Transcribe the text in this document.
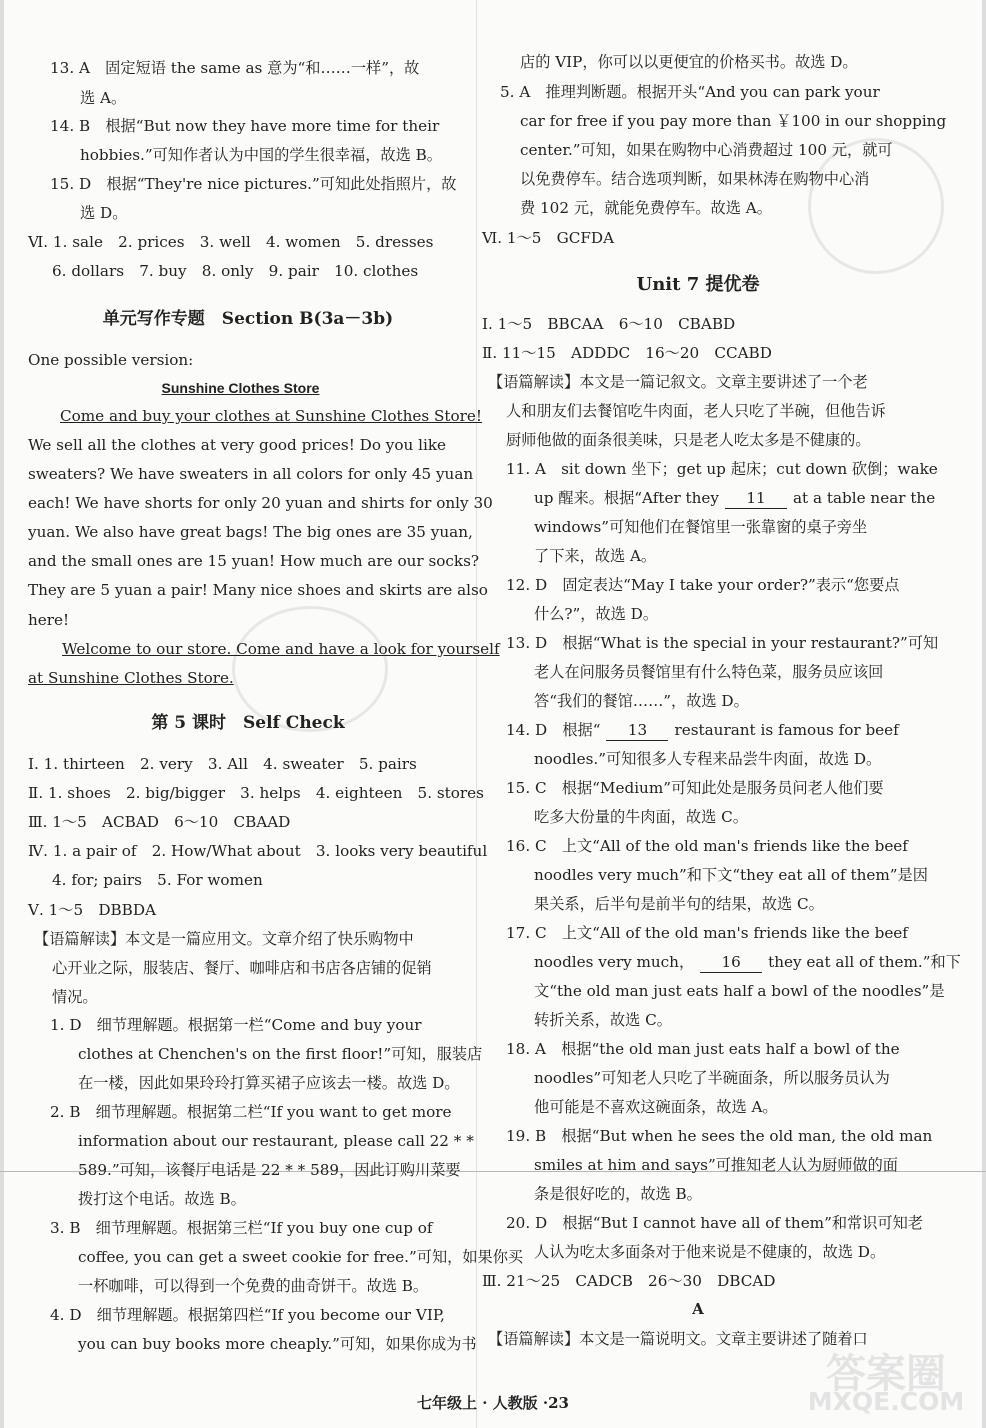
13. A　固定短语 the same as 意为“和……一样”，故
选 A。
14. B　根据“But now they have more time for their
hobbies.”可知作者认为中国的学生很幸福，故选 B。
15. D　根据“They're nice pictures.”可知此处指照片，故
选 D。
Ⅵ. 1. sale　2. prices　3. well　4. women　5. dresses
6. dollars　7. buy　8. only　9. pair　10. clothes
单元写作专题　Section B(3a－3b)
One possible version:
Sunshine Clothes Store
Come and buy your clothes at Sunshine Clothes Store!
We sell all the clothes at very good prices! Do you like
sweaters? We have sweaters in all colors for only 45 yuan
each! We have shorts for only 20 yuan and shirts for only 30
yuan. We also have great bags! The big ones are 35 yuan,
and the small ones are 15 yuan! How much are our socks?
They are 5 yuan a pair! Many nice shoes and skirts are also
here!
Welcome to our store. Come and have a look for yourself
at Sunshine Clothes Store.
第 5 课时　Self Check
Ⅰ. 1. thirteen　2. very　3. All　4. sweater　5. pairs
Ⅱ. 1. shoes　2. big/bigger　3. helps　4. eighteen　5. stores
Ⅲ. 1～5　ACBAD　6～10　CBAAD
Ⅳ. 1. a pair of　2. How/What about　3. looks very beautiful
4. for; pairs　5. For women
Ⅴ. 1～5　DBBDA
【语篇解读】本文是一篇应用文。文章介绍了快乐购物中
心开业之际，服装店、餐厅、咖啡店和书店各店铺的促销
情况。
1. D　细节理解题。根据第一栏“Come and buy your
clothes at Chenchen's on the first floor!”可知，服装店
在一楼，因此如果玲玲打算买裙子应该去一楼。故选 D。
2. B　细节理解题。根据第二栏“If you want to get more
information about our restaurant, please call 22 * *
589.”可知，该餐厅电话是 22 * * 589，因此订购川菜要
拨打这个电话。故选 B。
3. B　细节理解题。根据第三栏“If you buy one cup of
coffee, you can get a sweet cookie for free.”可知，如果你买
一杯咖啡，可以得到一个免费的曲奇饼干。故选 B。
4. D　细节理解题。根据第四栏“If you become our VIP,
you can buy books more cheaply.”可知，如果你成为书
店的 VIP，你可以以更便宜的价格买书。故选 D。
5. A　推理判断题。根据开头“And you can park your
car for free if you pay more than ￥100 in our shopping
center.”可知，如果在购物中心消费超过 100 元，就可
以免费停车。结合选项判断，如果林涛在购物中心消
费 102 元，就能免费停车。故选 A。
Ⅵ. 1～5　GCFDA
Unit 7 提优卷
Ⅰ. 1～5　BBCAA　6～10　CBABD
Ⅱ. 11～15　ADDDC　16～20　CCABD
【语篇解读】本文是一篇记叙文。文章主要讲述了一个老
人和朋友们去餐馆吃牛肉面，老人只吃了半碗，但他告诉
厨师他做的面条很美味，只是老人吃太多是不健康的。
11. A　sit down 坐下；get up 起床；cut down 砍倒；wake
up 醒来。根据“After they 11 at a table near the
windows”可知他们在餐馆里一张靠窗的桌子旁坐
了下来，故选 A。
12. D　固定表达“May I take your order?”表示“您要点
什么?”，故选 D。
13. D　根据“What is the special in your restaurant?”可知
老人在问服务员餐馆里有什么特色菜，服务员应该回
答“我们的餐馆……”，故选 D。
14. D　根据“ 13 restaurant is famous for beef
noodles.”可知很多人专程来品尝牛肉面，故选 D。
15. C　根据“Medium”可知此处是服务员问老人他们要
吃多大份量的牛肉面，故选 C。
16. C　上文“All of the old man's friends like the beef
noodles very much”和下文“they eat all of them”是因
果关系，后半句是前半句的结果，故选 C。
17. C　上文“All of the old man's friends like the beef
noodles very much， 16 they eat all of them.”和下
文“the old man just eats half a bowl of the noodles”是
转折关系，故选 C。
18. A　根据“the old man just eats half a bowl of the
noodles”可知老人只吃了半碗面条，所以服务员认为
他可能是不喜欢这碗面条，故选 A。
19. B　根据“But when he sees the old man, the old man
smiles at him and says”可推知老人认为厨师做的面
条是很好吃的，故选 B。
20. D　根据“But I cannot have all of them”和常识可知老
人认为吃太多面条对于他来说是不健康的，故选 D。
Ⅲ. 21～25　CADCB　26～30　DBCAD
A
【语篇解读】本文是一篇说明文。文章主要讲述了随着口
七年级上 · 人教版 ·23
答案圈
MXQE.COM
